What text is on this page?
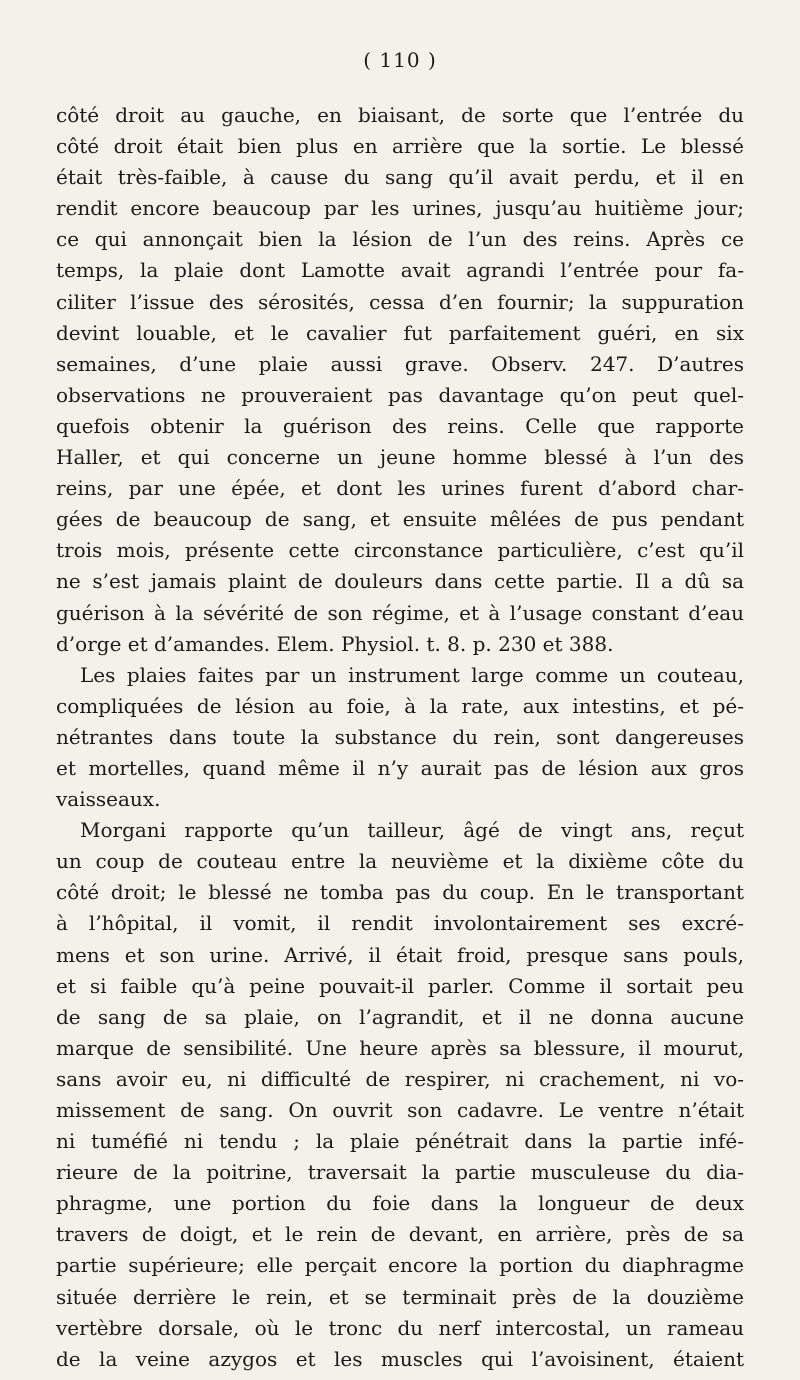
( 110 )
côté droit au gauche, en biaisant, de sorte que l’entrée du
côté droit était bien plus en arrière que la sortie. Le blessé
était très-faible, à cause du sang qu’il avait perdu, et il en
rendit encore beaucoup par les urines, jusqu’au huitième jour;
ce qui annonçait bien la lésion de l’un des reins. Après ce
temps, la plaie dont Lamotte avait agrandi l’entrée pour fa-
ciliter l’issue des sérosités, cessa d’en fournir; la suppuration
devint louable, et le cavalier fut parfaitement guéri, en six
semaines, d’une plaie aussi grave. Observ. 247. D’autres
observations ne prouveraient pas davantage qu’on peut quel-
quefois obtenir la guérison des reins. Celle que rapporte
Haller, et qui concerne un jeune homme blessé à l’un des
reins, par une épée, et dont les urines furent d’abord char-
gées de beaucoup de sang, et ensuite mêlées de pus pendant
trois mois, présente cette circonstance particulière, c’est qu’il
ne s’est jamais plaint de douleurs dans cette partie. Il a dû sa
guérison à la sévérité de son régime, et à l’usage constant d’eau
d’orge et d’amandes. Elem. Physiol. t. 8. p. 230 et 388.
Les plaies faites par un instrument large comme un couteau,
compliquées de lésion au foie, à la rate, aux intestins, et pé-
nétrantes dans toute la substance du rein, sont dangereuses
et mortelles, quand même il n’y aurait pas de lésion aux gros
vaisseaux.
Morgani rapporte qu’un tailleur, âgé de vingt ans, reçut
un coup de couteau entre la neuvième et la dixième côte du
côté droit; le blessé ne tomba pas du coup. En le transportant
à l’hôpital, il vomit, il rendit involontairement ses excré-
mens et son urine. Arrivé, il était froid, presque sans pouls,
et si faible qu’à peine pouvait-il parler. Comme il sortait peu
de sang de sa plaie, on l’agrandit, et il ne donna aucune
marque de sensibilité. Une heure après sa blessure, il mourut,
sans avoir eu, ni difficulté de respirer, ni crachement, ni vo-
missement de sang. On ouvrit son cadavre. Le ventre n’était
ni tuméfié ni tendu ; la plaie pénétrait dans la partie infé-
rieure de la poitrine, traversait la partie musculeuse du dia-
phragme, une portion du foie dans la longueur de deux
travers de doigt, et le rein de devant, en arrière, près de sa
partie supérieure; elle perçait encore la portion du diaphragme
située derrière le rein, et se terminait près de la douzième
vertèbre dorsale, où le tronc du nerf intercostal, un rameau
de la veine azygos et les muscles qui l’avoisinent, étaient
